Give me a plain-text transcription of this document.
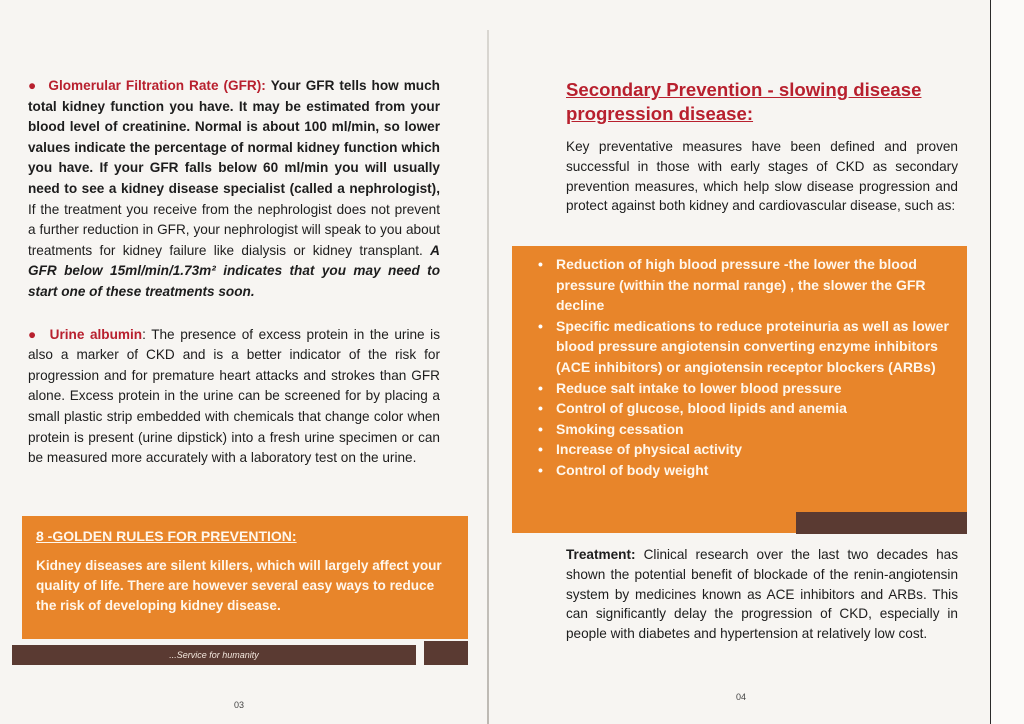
● Glomerular Filtration Rate (GFR): Your GFR tells how much total kidney function you have. It may be estimated from your blood level of creatinine. Normal is about 100 ml/min, so lower values indicate the percentage of normal kidney function which you have. If your GFR falls below 60 ml/min you will usually need to see a kidney disease specialist (called a nephrologist), If the treatment you receive from the nephrologist does not prevent a further reduction in GFR, your nephrologist will speak to you about treatments for kidney failure like dialysis or kidney transplant. A GFR below 15ml/min/1.73m² indicates that you may need to start one of these treatments soon.

● Urine albumin: The presence of excess protein in the urine is also a marker of CKD and is a better indicator of the risk for progression and for premature heart attacks and strokes than GFR alone. Excess protein in the urine can be screened for by placing a small plastic strip embedded with chemicals that change color when protein is present (urine dipstick) into a fresh urine specimen or can be measured more accurately with a laboratory test on the urine.

8 -GOLDEN RULES FOR PREVENTION:
Kidney diseases are silent killers, which will largely affect your quality of life. There are however several easy ways to reduce the risk of developing kidney disease.
...Service for humanity
03
Secondary Prevention - slowing disease progression disease:

Key preventative measures have been defined and proven successful in those with early stages of CKD as secondary prevention measures, which help slow disease progression and protect against both kidney and cardiovascular disease, such as:

• Reduction of high blood pressure -the lower the blood pressure (within the normal range) , the slower the GFR decline
• Specific medications to reduce proteinuria as well as lower blood pressure angiotensin converting enzyme inhibitors (ACE inhibitors) or angiotensin receptor blockers (ARBs)
• Reduce salt intake to lower blood pressure
• Control of glucose, blood lipids and anemia
• Smoking cessation
• Increase of physical activity
• Control of body weight

Treatment: Clinical research over the last two decades has shown the potential benefit of blockade of the renin-angiotensin system by medicines known as ACE inhibitors and ARBs. This can significantly delay the progression of CKD, especially in people with diabetes and hypertension at relatively low cost.

04
